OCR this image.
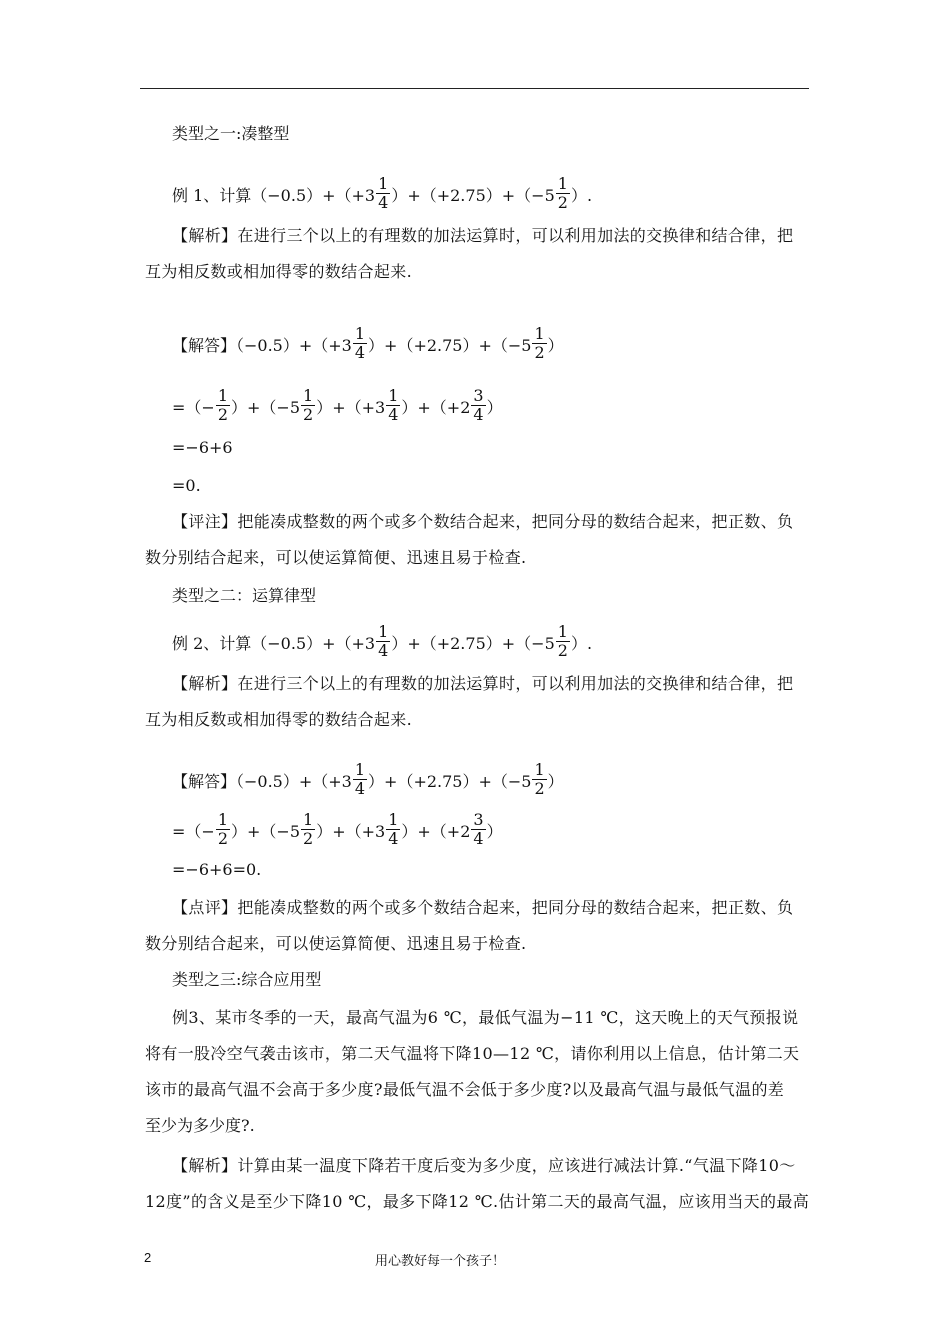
类型之一:凑整型
例 1、计算$(-0.5)+(+3 \frac{1}{4} )+(+2.75)+(-5 \frac{1}{2}$ ）.
【解析】在进行三个以上的有理数的加法运算时，可以利用加法的交换律和结合律，把
互为相反数或相加得零的数结合起来.
【解答】$(-0.5)+(+3 \frac{1}{4} )+(+2.75)+(-5 \frac{1}{2}$ ）
=（− $\frac{1}{2} )+(-5 \frac{1}{2} )+(+3 \frac{1}{4} )+(+2 \frac{3}{4}$ ）
=−6+6
=0.
【评注】把能凑成整数的两个或多个数结合起来，把同分母的数结合起来，把正数、负
数分别结合起来，可以使运算简便、迅速且易于检查.
类型之二：运算律型
例 2、计算$(-0.5)+(+3 \frac{1}{4} )+(+2.75)+(-5 \frac{1}{2}$ ）.
【解析】在进行三个以上的有理数的加法运算时，可以利用加法的交换律和结合律，把
互为相反数或相加得零的数结合起来.
【解答】$(-0.5)+(+3 \frac{1}{4} )+(+2.75)+(-5 \frac{1}{2}$ ）
=（− $\frac{1}{2} )+(-5 \frac{1}{2} )+(+3 \frac{1}{4} )+(+2 \frac{3}{4}$ ）
=−6+6=0.
【点评】把能凑成整数的两个或多个数结合起来，把同分母的数结合起来，把正数、负
数分别结合起来，可以使运算简便、迅速且易于检查.
类型之三:综合应用型
例3、某市冬季的一天，最高气温为6 ℃，最低气温为−11 ℃，这天晚上的天气预报说
将有一股冷空气袭击该市，第二天气温将下降10—12 ℃，请你利用以上信息，估计第二天
该市的最高气温不会高于多少度?最低气温不会低于多少度?以及最高气温与最低气温的差
至少为多少度?.
【解析】计算由某一温度下降若干度后变为多少度，应该进行减法计算.“气温下降10～
12度”的含义是至少下降10 ℃，最多下降12 ℃.估计第二天的最高气温，应该用当天的最高
2	用心教好每一个孩子！
